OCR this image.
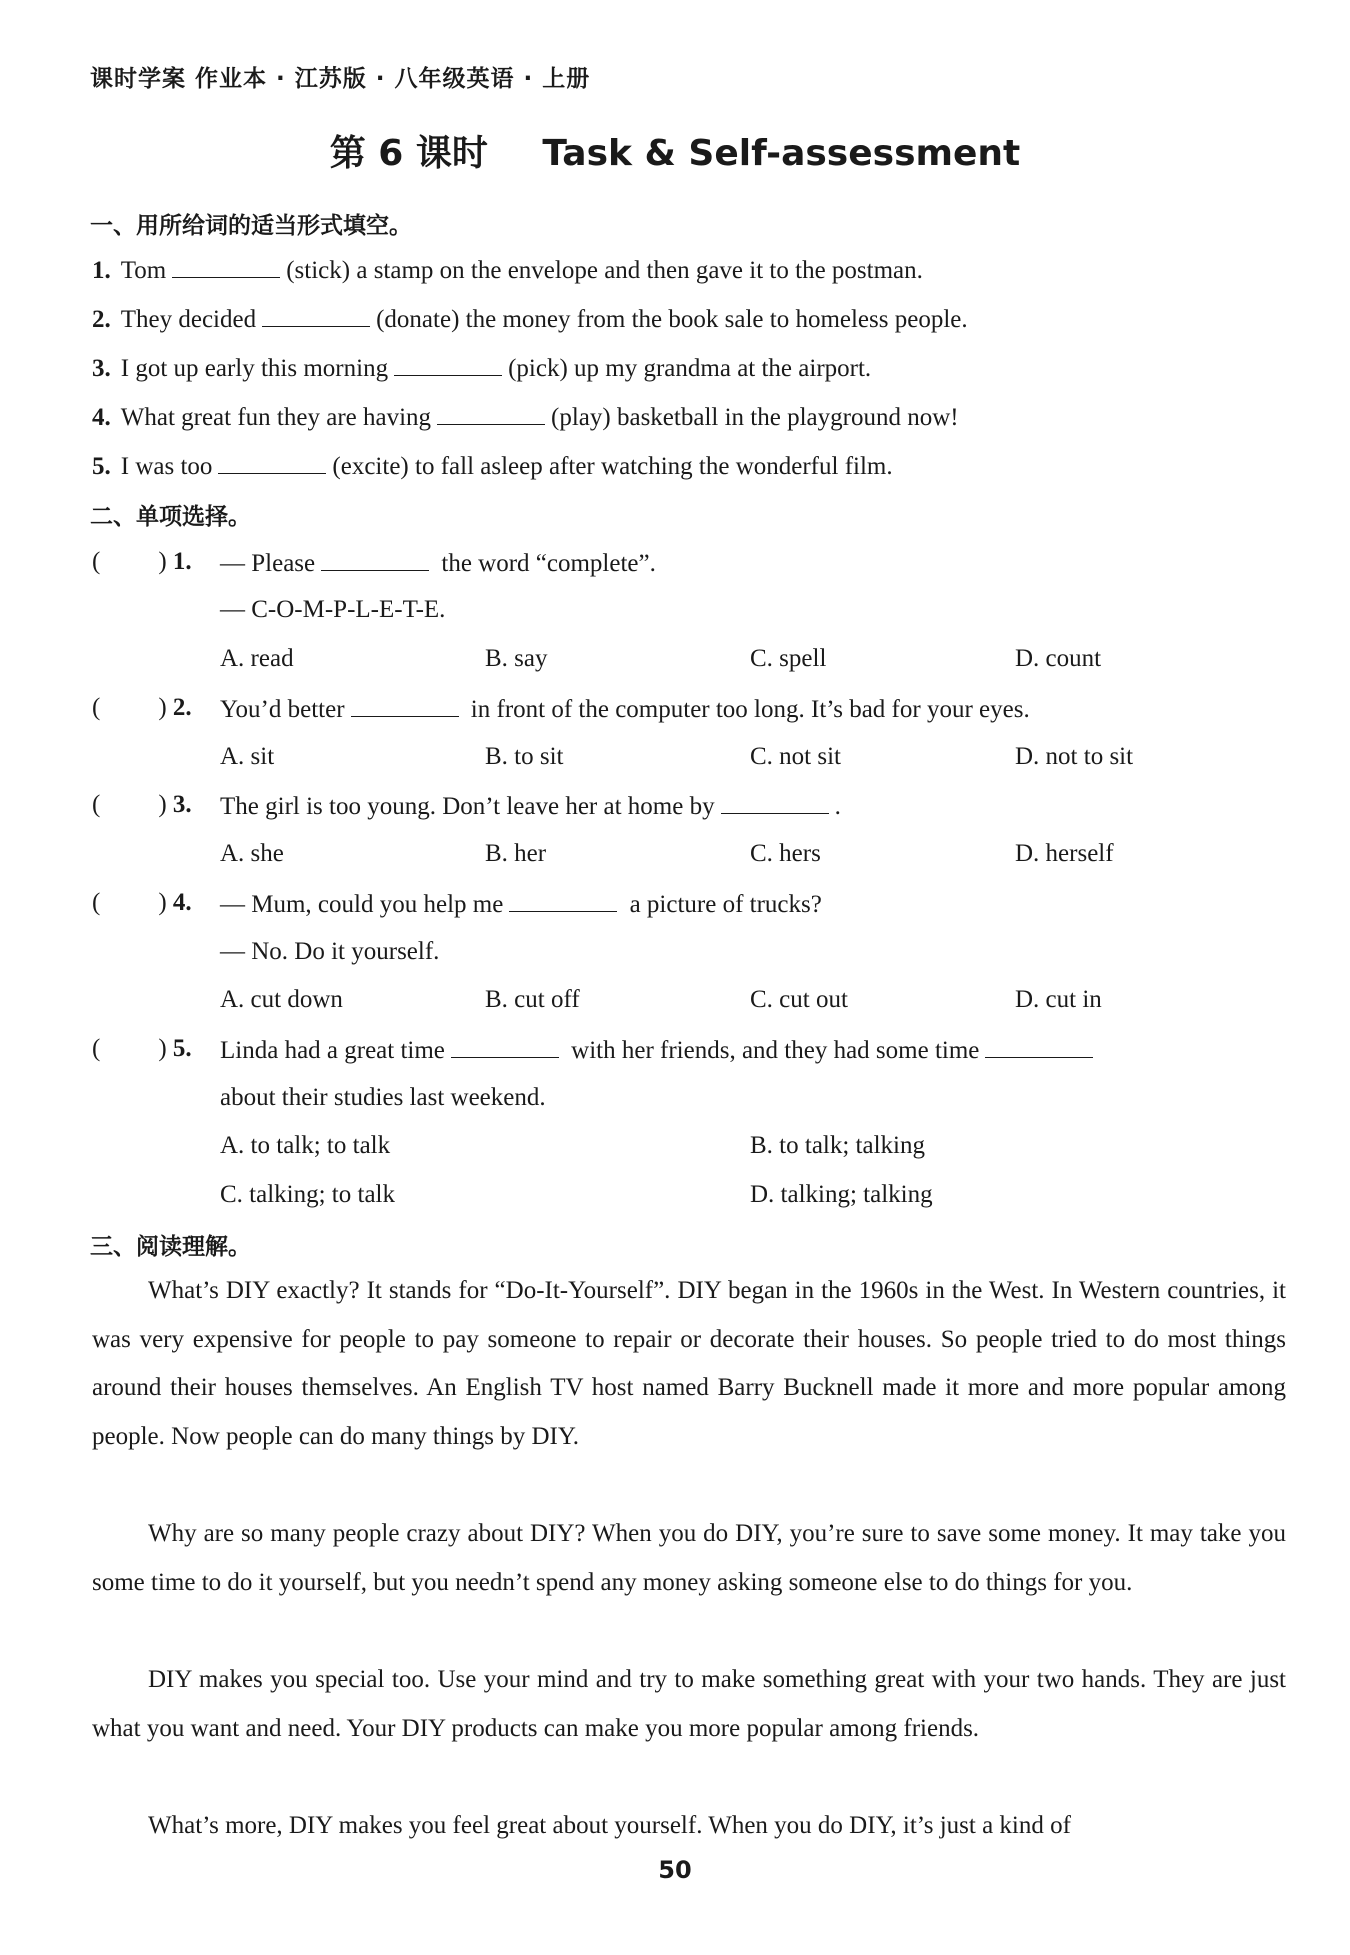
课时学案 作业本 · 江苏版 · 八年级英语 · 上册
第 6 课时 Task & Self-assessment
一、用所给词的适当形式填空。
1. Tom	(stick) a stamp on the envelope and then gave it to the postman.
2. They decided	(donate) the money from the book sale to homeless people.
3. I got up early this morning	(pick) up my grandma at the airport.
4. What great fun they are having	(play) basketball in the playground now!
5. I was too	(excite) to fall asleep after watching the wonderful film.
二、单项选择。
( ) 1. — Please	the word “complete”.
— C-O-M-P-L-E-T-E.
A. read	B. say	C. spell	D. count
( ) 2. You’d better	in front of the computer too long. It’s bad for your eyes.
A. sit	B. to sit	C. not sit	D. not to sit
( ) 3. The girl is too young. Don’t leave her at home by	.
A. she	B. her	C. hers	D. herself
( ) 4. — Mum, could you help me	a picture of trucks?
— No. Do it yourself.
A. cut down	B. cut off	C. cut out	D. cut in
( ) 5. Linda had a great time	with her friends, and they had some time
about their studies last weekend.
A. to talk; to talk	B. to talk; talking
C. talking; to talk	D. talking; talking
三、阅读理解。

What’s DIY exactly? It stands for “Do-It-Yourself”. DIY began in the 1960s in the West. In Western countries, it was very expensive for people to pay someone to repair or decorate their houses. So people tried to do most things around their houses themselves. An English TV host named Barry Bucknell made it more and more popular among people. Now people can do many things by DIY.

Why are so many people crazy about DIY? When you do DIY, you’re sure to save some money. It may take you some time to do it yourself, but you needn’t spend any money asking someone else to do things for you.

DIY makes you special too. Use your mind and try to make something great with your two hands. They are just what you want and need. Your DIY products can make you more popular among friends.

What’s more, DIY makes you feel great about yourself. When you do DIY, it’s just a kind of

50
